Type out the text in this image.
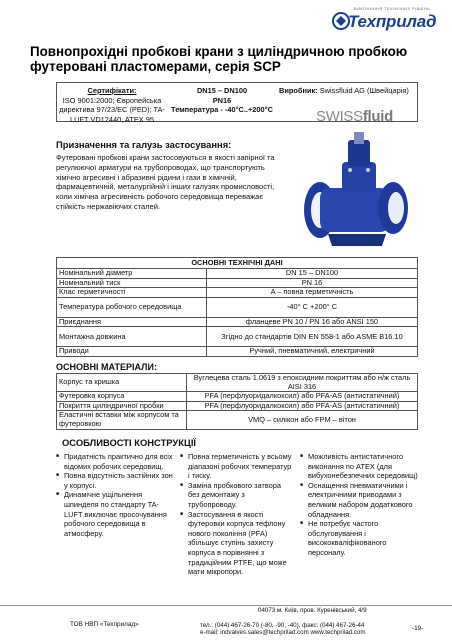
ВИКОНАННЯ ТЕХНІЧНИХ РІШЕНЬ
Техприлад
Повнопрохідні пробкові крани з циліндричною пробкою футеровані пластомерами, серія SCP
Сертифікати:
ISO 9001:2000; Європейська директива 97/23/EC (PED); TA-LUFT VD12440, ATEX 95
DN15 – DN100
PN16
Температура - -40°C..+200°C
Виробник: Swissfluid AG (Швейцарія)
SWISSfluid
Призначення та галузь застосування:
Футеровані пробкові крани застосовуються в якості запірної та регулюючої арматури на трубопроводах, що транспортують хімічно агресивні і абразивні рідини і гази в хімічній, фармацевтичній, металургійній і інших галузях промисловості, коли хімічна агресивність робочого середовища переважає стійкість нержавіючих сталей.
ОСНОВНІ ТЕХНІЧНІ ДАНІ	
Номінальний діаметр	DN 15 – DN100
Номінальний тиск	PN 16
Клас герметичності	A – повна герметичність
Температура робочого середовища	-40° C +200° C
Приєднання	фланцеве PN 10 / PN 16 або ANSI 150
Монтажна довжина	Згідно до стандартів DIN EN 558-1 або ASME B16.10
Приводи	Ручний, пневматичний, електричний
ОСНОВНІ МАТЕРІАЛИ:
Корпус та кришка	Вуглецева сталь 1.0619 з епоксидним покриттям або н/ж сталь AISI 316
Футеровка корпуса	PFA (перфлуоридалкоксил) або PFA-AS (антистатичний)
Покриття циліндричної пробки	PFA (перфлуоридалкоксил) або PFA-AS (антистатичний)
Еластичні вставки між корпусом та футеровкою	VMQ – силікон або FPM – вітон
ОСОБЛИВОСТІ КОНСТРУКЦІЇ
■ Придатність практично для всіх відомих робочих середовищ.
■ Повна відсутність застійних зон у корпусі.
■ Динамічне ущільнення шпинделя по стандарту TA-LUFT виключає просочування робочого середовища в атмосферу.
■ Повна герметичність у всьому діапазоні робочих температур і тиску.
■ Заміна пробкового затвора без демонтажу з трубопроводу.
■ Застосування в якості футеровки корпуса тефлону нового покоління (PFA) збільшує ступінь захисту корпуса в порівнянні з традиційним PTFE, що може мати мікропори.
■ Можливість антистатичного виконання по ATEX (для вибухонебезпечних середовищ)
■ Оснащення пневматичними і електричними приводами з великим набором додаткового обладнання.
■ Не потребує частого обслуговування і висококваліфікованого персоналу.
04073 м. Київ, пров. Куренівський, 4/9
ТОВ НВП «Техприлад»	тел.: (044) 467-26-70 (-80, -90, -40), факс: (044) 467-26-44
e-mail: indvalves.sales@techprilad.com www.techprilad.com
-19-
